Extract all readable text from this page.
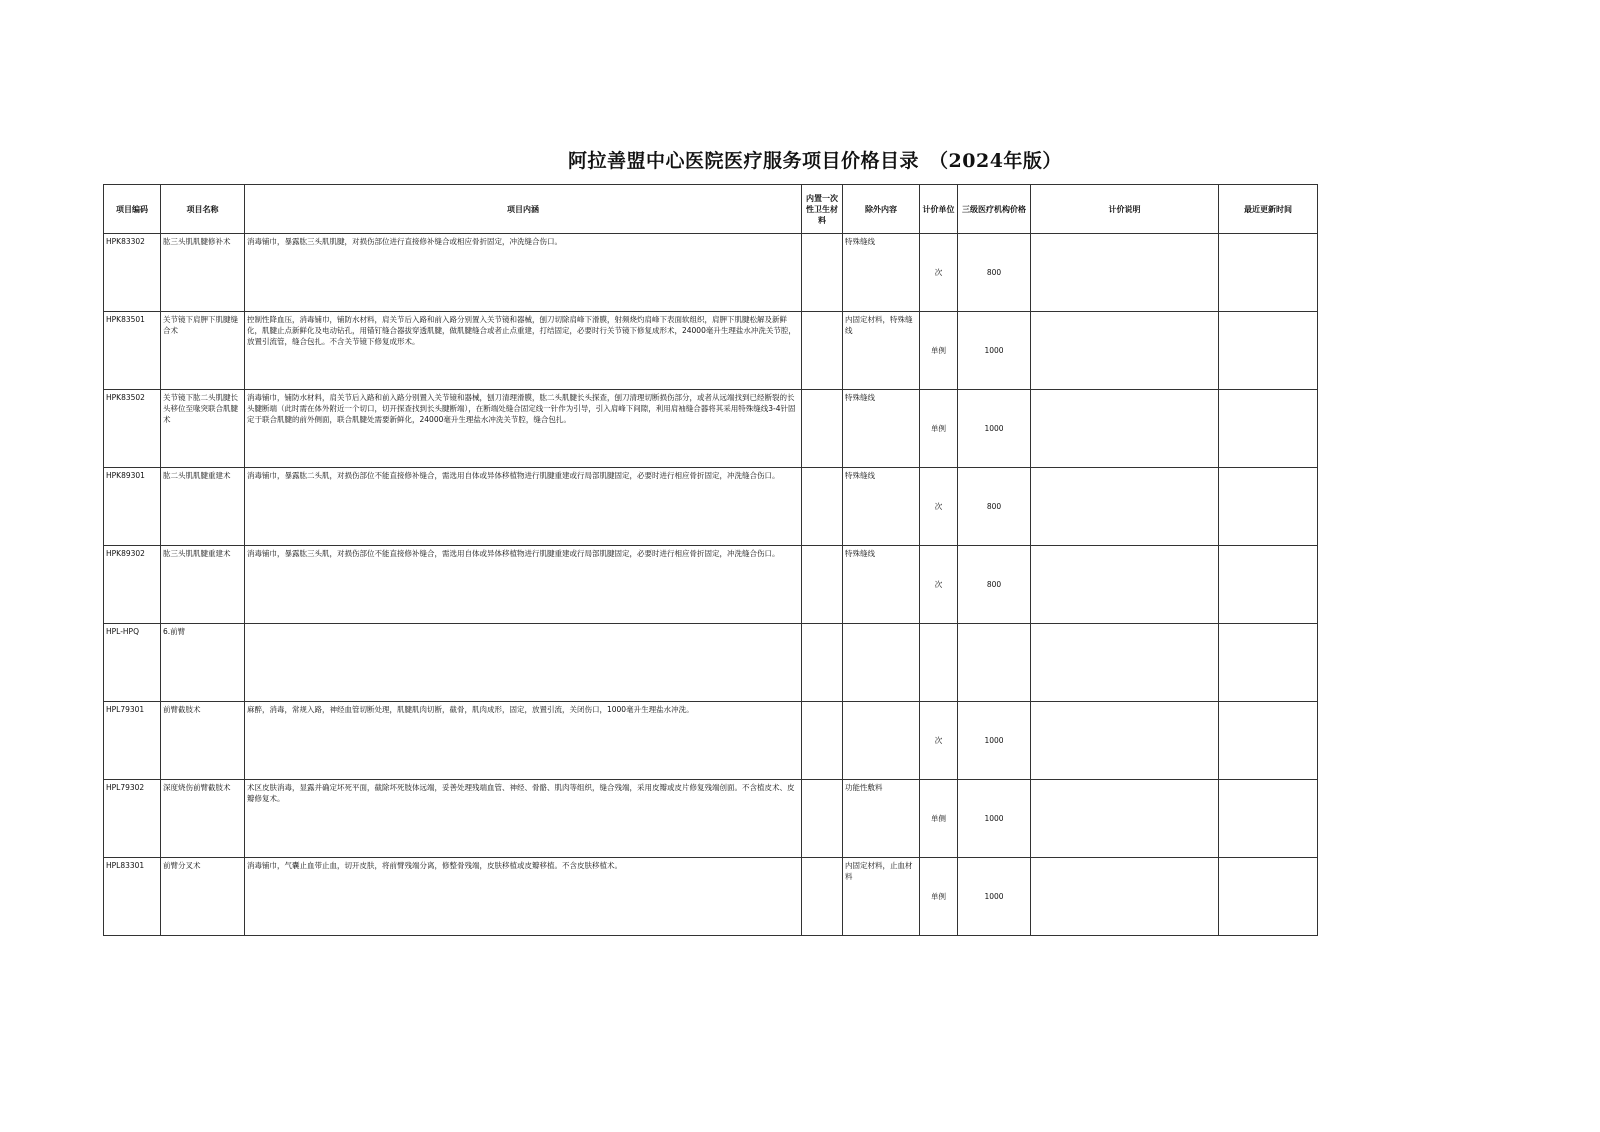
阿拉善盟中心医院医疗服务项目价格目录　（2024年版）
项目编码	项目名称	项目内涵	内置一次性卫生材料	除外内容	计价单位	三级医疗机构价格	计价说明	最近更新时间
HPK83302	肱三头肌肌腱修补术	消毒铺巾，暴露肱三头肌肌腱，对损伤部位进行直接修补缝合或相应骨折固定，冲洗缝合伤口。		特殊缝线	次	800		
HPK83501	关节镜下肩胛下肌腱缝合术	控制性降血压，消毒铺巾，铺防水材料，肩关节后入路和前入路分别置入关节镜和器械，刨刀切除肩峰下滑膜，射频烧灼肩峰下表面软组织，肩胛下肌腱松解及新鲜化，肌腱止点新鲜化及电动钻孔，用锚钉缝合器拔穿透肌腱，做肌腱缝合或者止点重建，打结固定，必要时行关节镜下修复成形术，24000毫升生理盐水冲洗关节腔，放置引流管，缝合包扎。不含关节镜下修复成形术。		内固定材料，特殊缝线	单例	1000		
HPK83502	关节镜下肱二头肌腱长头移位至喙突联合肌腱术	消毒铺巾，铺防水材料，肩关节后入路和前入路分别置入关节镜和器械，刨刀清理滑膜，肱二头肌腱长头探查，刨刀清理切断损伤部分，或者从远端找到已经断裂的长头腱断端（此时需在体外附近一个切口，切开探查找到长头腱断端），在断端处缝合固定线一针作为引导，引入肩峰下间隙，利用肩袖缝合器将其采用特殊缝线3-4针固定于联合肌腱的前外侧面，联合肌腱处需要新鲜化，24000毫升生理盐水冲洗关节腔，缝合包扎。		特殊缝线	单例	1000		
HPK89301	肱二头肌肌腱重建术	消毒铺巾，暴露肱二头肌，对损伤部位不能直接修补缝合，需选用自体或异体移植物进行肌腱重建或行局部肌腱固定，必要时进行相应骨折固定，冲洗缝合伤口。		特殊缝线	次	800		
HPK89302	肱三头肌肌腱重建术	消毒铺巾，暴露肱三头肌，对损伤部位不能直接修补缝合，需选用自体或异体移植物进行肌腱重建或行局部肌腱固定，必要时进行相应骨折固定，冲洗缝合伤口。		特殊缝线	次	800		
HPL-HPQ	6.前臂							
HPL79301	前臂截肢术	麻醉，消毒，常规入路，神经血管切断处理，肌腱肌肉切断，截骨，肌肉成形，固定，放置引流，关闭伤口，1000毫升生理盐水冲洗。			次	1000		
HPL79302	深度烧伤前臂截肢术	术区皮肤消毒，显露并确定坏死平面，截除坏死肢体远端，妥善处理残端血管、神经、骨骼、肌肉等组织，缝合残端，采用皮瓣或皮片修复残端创面。不含植皮术、皮瓣修复术。		功能性敷料	单侧	1000		
HPL83301	前臂分叉术	消毒铺巾，气囊止血带止血，切开皮肤，将前臂残端分离，修整骨残端，皮肤移植或皮瓣移植。不含皮肤移植术。		内固定材料，止血材料	单例	1000		
